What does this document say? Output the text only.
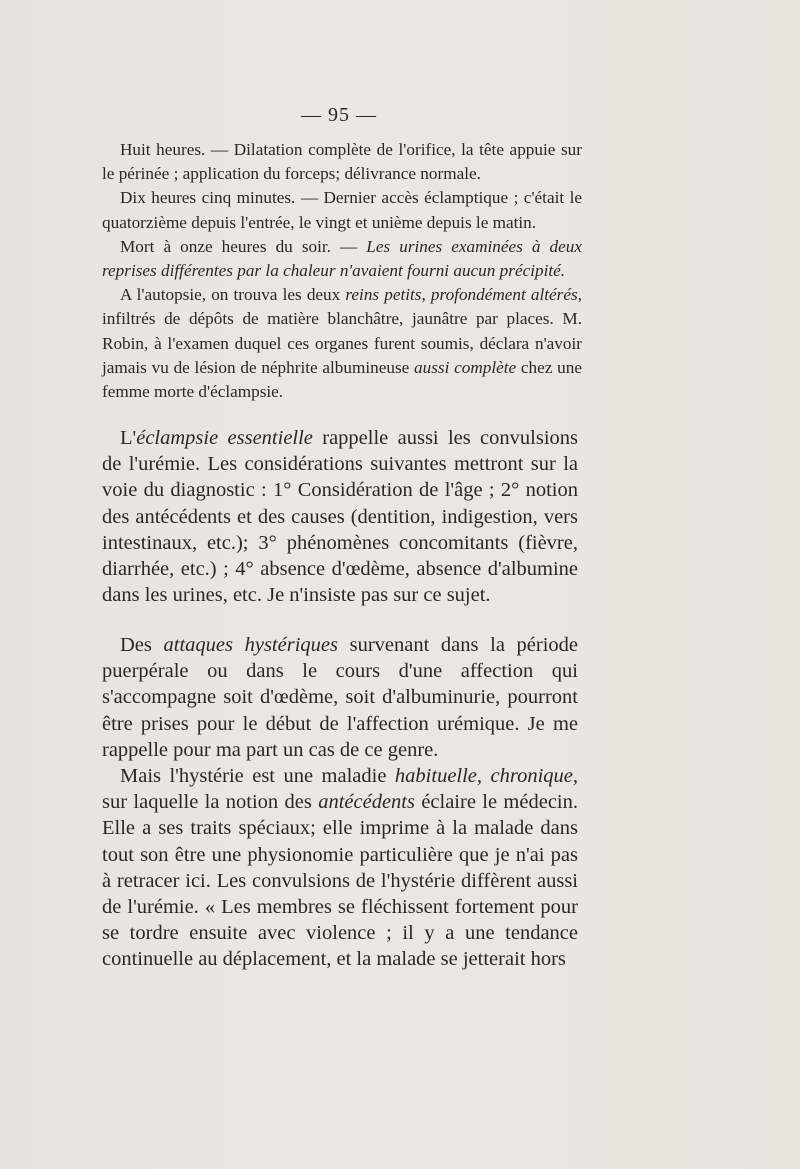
— 95 —

Huit heures. — Dilatation complète de l'orifice, la tête appuie sur le périnée ; application du forceps; délivrance normale.

Dix heures cinq minutes. — Dernier accès éclamptique ; c'était le quatorzième depuis l'entrée, le vingt et unième depuis le matin.

Mort à onze heures du soir. — Les urines examinées à deux reprises différentes par la chaleur n'avaient fourni aucun précipité.

A l'autopsie, on trouva les deux reins petits, profondément altérés, infiltrés de dépôts de matière blanchâtre, jaunâtre par places. M. Robin, à l'examen duquel ces organes furent soumis, déclara n'avoir jamais vu de lésion de néphrite albumineuse aussi complète chez une femme morte d'éclampsie.

L'éclampsie essentielle rappelle aussi les convulsions de l'urémie. Les considérations suivantes mettront sur la voie du diagnostic : 1° Considération de l'âge ; 2° notion des antécédents et des causes (dentition, indigestion, vers intestinaux, etc.); 3° phénomènes concomitants (fièvre, diarrhée, etc.) ; 4° absence d'œdème, absence d'albumine dans les urines, etc. Je n'insiste pas sur ce sujet.

Des attaques hystériques survenant dans la période puerpérale ou dans le cours d'une affection qui s'accompagne soit d'œdème, soit d'albuminurie, pourront être prises pour le début de l'affection urémique. Je me rappelle pour ma part un cas de ce genre.

Mais l'hystérie est une maladie habituelle, chronique, sur laquelle la notion des antécédents éclaire le médecin. Elle a ses traits spéciaux; elle imprime à la malade dans tout son être une physionomie particulière que je n'ai pas à retracer ici. Les convulsions de l'hystérie diffèrent aussi de l'urémie. « Les membres se fléchissent fortement pour se tordre ensuite avec violence ; il y a une tendance continuelle au déplacement, et la malade se jetterait hors
